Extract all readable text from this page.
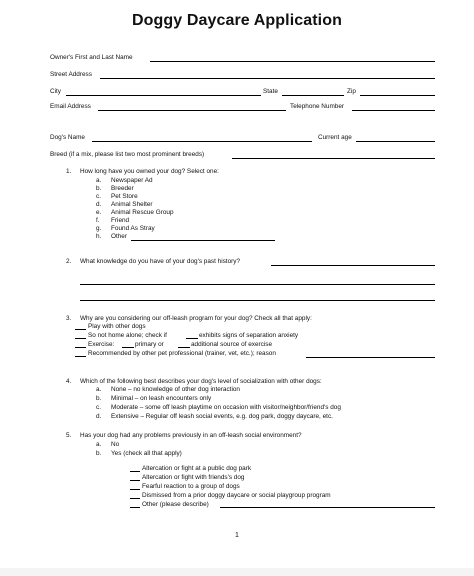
Doggy Daycare Application
Owner's First and Last Name
Street Address
City	State	Zip
Email Address	Telephone Number
Dog's Name	Current age
Breed (if a mix, please list two most prominent breeds)
1. How long have you owned your dog? Select one:
a. Newspaper Ad
b. Breeder
c. Pet Store
d. Animal Shelter
e. Animal Rescue Group
f. Friend
g. Found As Stray
h. Other
2. What knowledge do you have of your dog's past history?
3. Why are you considering our off-leash program for your dog? Check all that apply:
Play with other dogs
So not home alone; check if	exhibits signs of separation anxiety
Exercise:	primary or	additional source of exercise
Recommended by other pet professional (trainer, vet, etc.); reason
4. Which of the following best describes your dog's level of socialization with other dogs:
a. None – no knowledge of other dog interaction
b. Minimal – on leash encounters only
c. Moderate – some off leash playtime on occasion with visitor/neighbor/friend's dog
d. Extensive – Regular off leash social events, e.g. dog park, doggy daycare, etc.
5. Has your dog had any problems previously in an off-leash social environment?
a. No
b. Yes (check all that apply)
Altercation or fight at a public dog park
Altercation or fight with friends's dog
Fearful reaction to a group of dogs
Dismissed from a prior doggy daycare or social playgroup program
Other (please describe)
1
